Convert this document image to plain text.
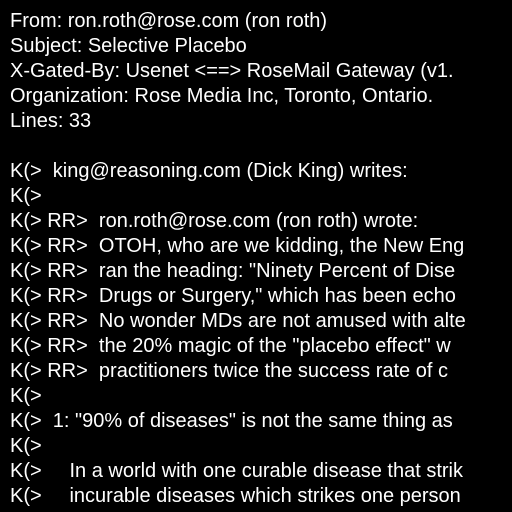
From: ron.roth@rose.com (ron roth)
Subject: Selective Placebo
X-Gated-By: Usenet <==> RoseMail Gateway (v1.
Organization: Rose Media Inc, Toronto, Ontario.
Lines: 33
K(>  king@reasoning.com (Dick King) writes:
K(>
K(> RR>  ron.roth@rose.com (ron roth) wrote:
K(> RR>  OTOH, who are we kidding, the New Eng
K(> RR>  ran the heading: "Ninety Percent of Dise
K(> RR>  Drugs or Surgery," which has been echo
K(> RR>  No wonder MDs are not amused with alte
K(> RR>  the 20% magic of the "placebo effect" w
K(> RR>  practitioners twice the success rate of c
K(>
K(>  1: "90% of diseases" is not the same thing as
K(>
K(>     In a world with one curable disease that strik
K(>     incurable diseases which strikes one person
